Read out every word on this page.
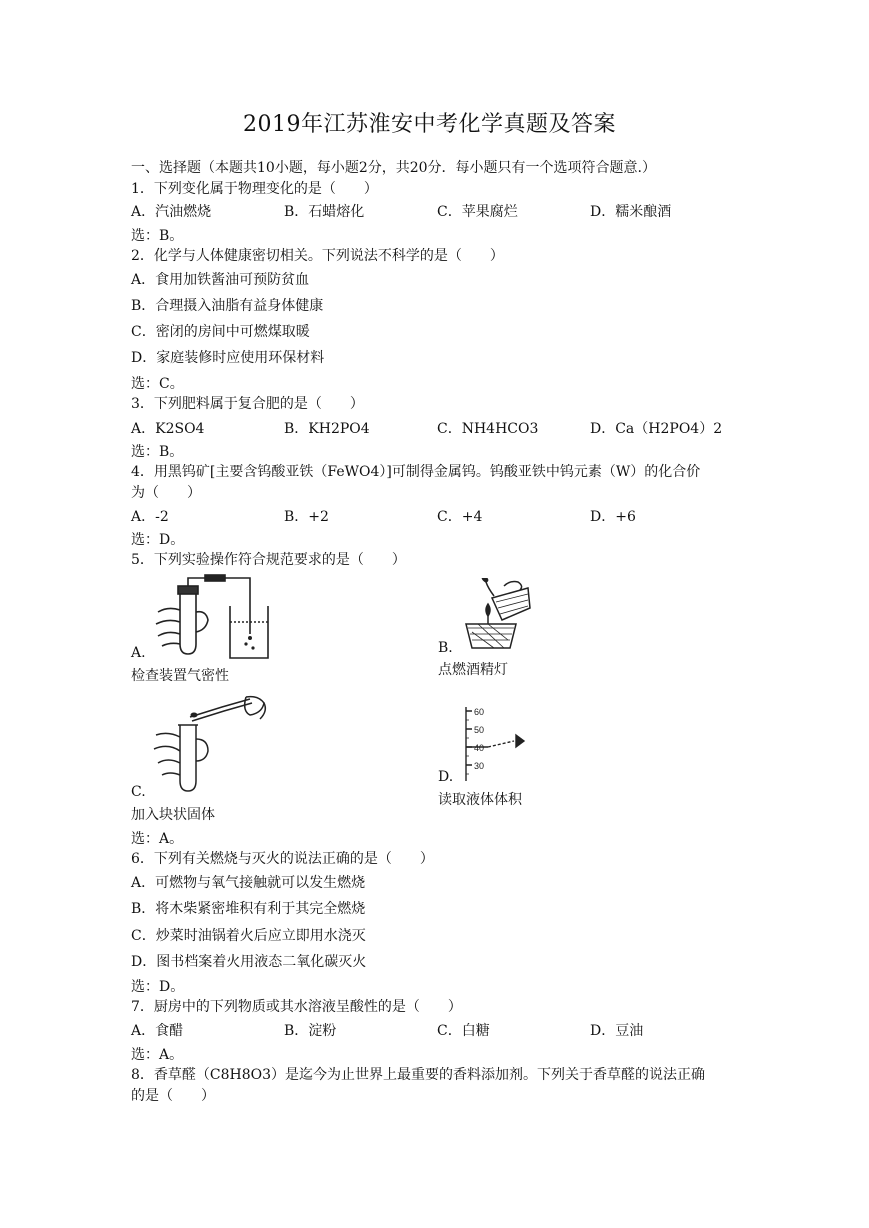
2019年江苏淮安中考化学真题及答案
一、选择题（本题共10小题，每小题2分，共20分．每小题只有一个选项符合题意.）
1．下列变化属于物理变化的是（　　）
A．汽油燃烧	B．石蜡熔化	C．苹果腐烂	D．糯米酿酒
选：B。
2．化学与人体健康密切相关。下列说法不科学的是（　　）
A．食用加铁酱油可预防贫血
B．合理摄入油脂有益身体健康
C．密闭的房间中可燃煤取暖
D．家庭装修时应使用环保材料
选：C。
3．下列肥料属于复合肥的是（　　）
A．K2SO4	B．KH2PO4	C．NH4HCO3	D．Ca（H2PO4）2
选：B。
4．用黑钨矿[主要含钨酸亚铁（FeWO4）]可制得金属钨。钨酸亚铁中钨元素（W）的化合价
为（　　）
A．-2	B．+2	C．+4	D．+6
选：D。
5．下列实验操作符合规范要求的是（　　）
A.
检查装置气密性
B.
点燃酒精灯
C.
加入块状固体
60
50
40
30
D.
读取液体体积
选：A。
6．下列有关燃烧与灭火的说法正确的是（　　）
A．可燃物与氧气接触就可以发生燃烧
B．将木柴紧密堆积有利于其完全燃烧
C．炒菜时油锅着火后应立即用水浇灭
D．图书档案着火用液态二氧化碳灭火
选：D。
7．厨房中的下列物质或其水溶液呈酸性的是（　　）
A．食醋	B．淀粉	C．白糖	D．豆油
选：A。
8．香草醛（C8H8O3）是迄今为止世界上最重要的香料添加剂。下列关于香草醛的说法正确
的是（　　）
